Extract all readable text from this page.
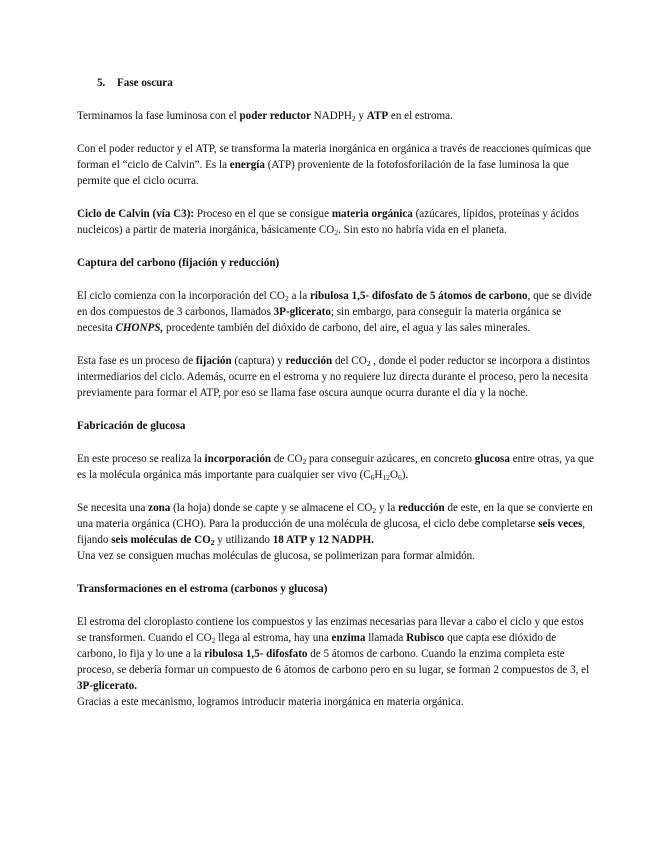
5. Fase oscura

Terminamos la fase luminosa con el poder reductor $NADPH_2$ y ATP en el estroma.

Con el poder reductor y el ATP, se transforma la materia inorgánica en orgánica a través de reacciones químicas que forman el “ciclo de Calvin”. Es la energía (ATP) proveniente de la fotofosforilación de la fase luminosa la que permite que el ciclo ocurra.

Ciclo de Calvin (vía C3): Proceso en el que se consigue materia orgánica (azúcares, lípidos, proteínas y ácidos nucleicos) a partir de materia inorgánica, básicamente $CO_2$. Sin esto no habría vida en el planeta.

Captura del carbono (fijación y reducción)

El ciclo comienza con la incorporación del $CO_2$ a la ribulosa 1,5- difosfato de 5 átomos de carbono, que se divide en dos compuestos de 3 carbonos, llamados 3P-glicerato; sin embargo, para conseguir la materia orgánica se necesita CHONPS, procedente también del dióxido de carbono, del aire, el agua y las sales minerales.

Esta fase es un proceso de fijación (captura) y reducción del $CO_2$ , donde el poder reductor se incorpora a distintos intermediarios del ciclo. Además, ocurre en el estroma y no requiere luz directa durante el proceso, pero la necesita previamente para formar el ATP, por eso se llama fase oscura aunque ocurra durante el día y la noche.

Fabricación de glucosa

En este proceso se realiza la incorporación de $CO_2$ para conseguir azúcares, en concreto glucosa entre otras, ya que es la molécula orgánica más importante para cualquier ser vivo $(C_6H_{12}O_6)$.

Se necesita una zona (la hoja) donde se capte y se almacene el $CO_2$ y la reducción de este, en la que se convierte en una materia orgánica (CHO). Para la producción de una molécula de glucosa, el ciclo debe completarse seis veces, fijando seis moléculas de $CO_2$ y utilizando 18 ATP y 12 NADPH.
Una vez se consiguen muchas moléculas de glucosa, se polimerizan para formar almidón.

Transformaciones en el estroma (carbonos y glucosa)

El estroma del cloroplasto contiene los compuestos y las enzimas necesarias para llevar a cabo el ciclo y que estos se transformen. Cuando el $CO_2$ llega al estroma, hay una enzima llamada Rubisco que capta ese dióxido de carbono, lo fija y lo une a la ribulosa 1,5- difosfato de 5 átomos de carbono. Cuando la enzima completa este proceso, se debería formar un compuesto de 6 átomos de carbono pero en su lugar, se forman 2 compuestos de 3, el 3P-glicerato.
Gracias a este mecanismo, logramos introducir materia inorgánica en materia orgánica.
